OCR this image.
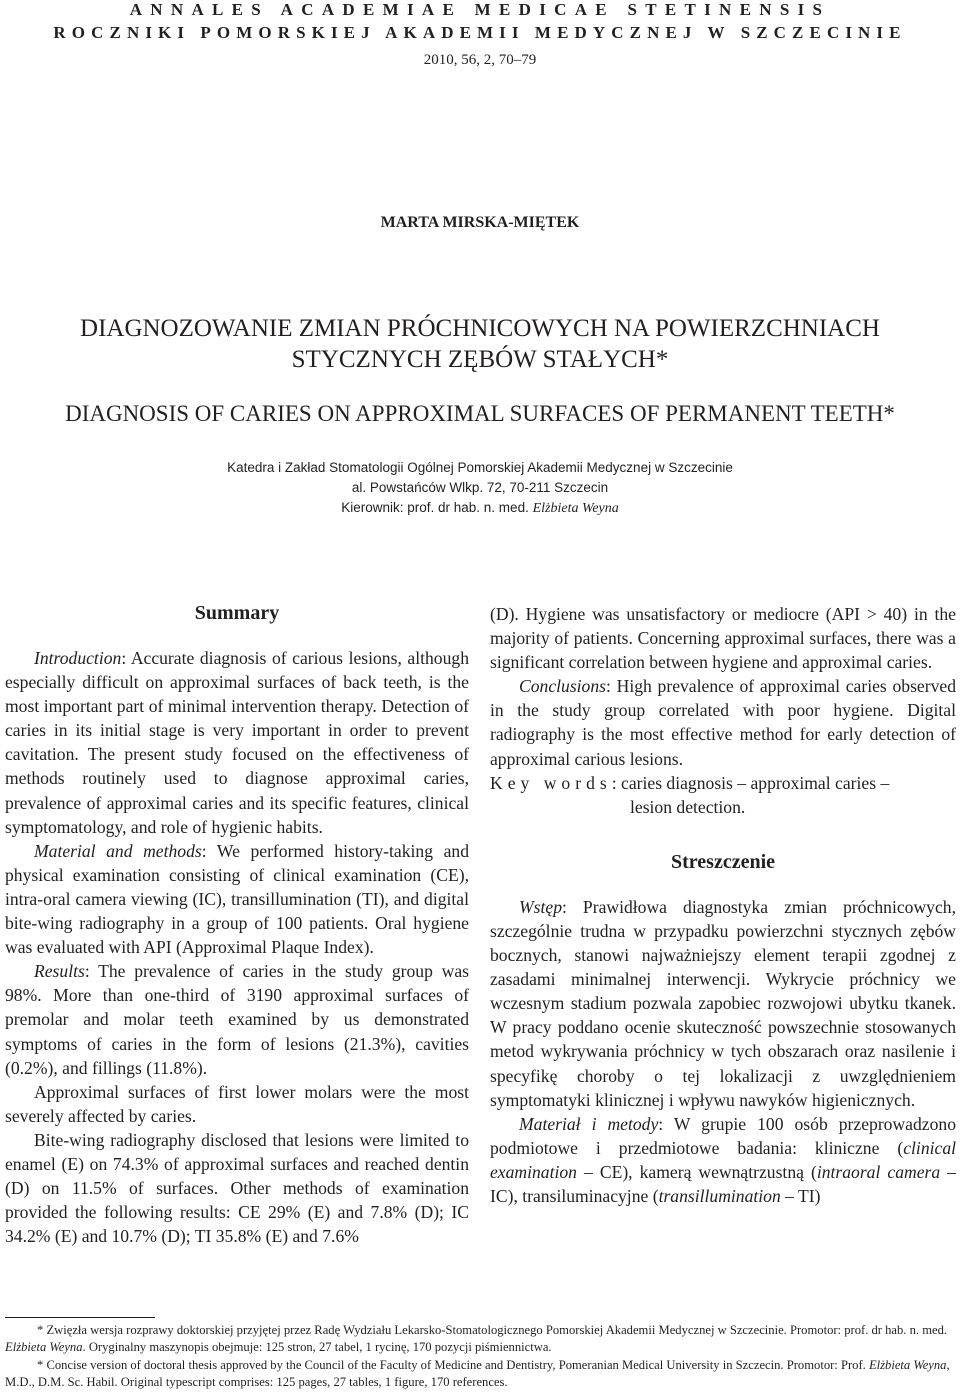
ANNALES ACADEMIAE MEDICAE STETINENSIS
ROCZNIKI POMORSKIEJ AKADEMII MEDYCZNEJ W SZCZECINIE
2010, 56, 2, 70–79
MARTA MIRSKA-MIĘTEK
DIAGNOZOWANIE ZMIAN PRÓCHNICOWYCH NA POWIERZCHNIACH
STYCZNYCH ZĘBÓW STAŁYCH*
DIAGNOSIS OF CARIES ON APPROXIMAL SURFACES OF PERMANENT TEETH*
Katedra i Zakład Stomatologii Ogólnej Pomorskiej Akademii Medycznej w Szczecinie
al. Powstańców Wlkp. 72, 70-211 Szczecin
Kierownik: prof. dr hab. n. med. Elżbieta Weyna
Summary

Introduction: Accurate diagnosis of carious lesions, although especially difficult on approximal surfaces of back teeth, is the most important part of minimal intervention therapy. Detection of caries in its initial stage is very important in order to prevent cavitation. The present study focused on the effectiveness of methods routinely used to diagnose approximal caries, prevalence of approximal caries and its specific features, clinical symptomatology, and role of hygienic habits.

Material and methods: We performed history-taking and physical examination consisting of clinical examination (CE), intra-oral camera viewing (IC), transillumination (TI), and digital bite-wing radiography in a group of 100 patients. Oral hygiene was evaluated with API (Approximal Plaque Index).

Results: The prevalence of caries in the study group was 98%. More than one-third of 3190 approximal surfaces of premolar and molar teeth examined by us demonstrated symptoms of caries in the form of lesions (21.3%), cavities (0.2%), and fillings (11.8%).

Approximal surfaces of first lower molars were the most severely affected by caries.

Bite-wing radiography disclosed that lesions were limited to enamel (E) on 74.3% of approximal surfaces and reached dentin (D) on 11.5% of surfaces. Other methods of examination provided the following results: CE 29% (E) and 7.8% (D); IC 34.2% (E) and 10.7% (D); TI 35.8% (E) and 7.6%

(D). Hygiene was unsatisfactory or mediocre (API > 40) in the majority of patients. Concerning approximal surfaces, there was a significant correlation between hygiene and approximal caries.

Conclusions: High prevalence of approximal caries observed in the study group correlated with poor hygiene. Digital radiography is the most effective method for early detection of approximal carious lesions.

Key words: caries diagnosis – approximal caries –
lesion detection.

Streszczenie

Wstęp: Prawidłowa diagnostyka zmian próchnicowych, szczególnie trudna w przypadku powierzchni stycznych zębów bocznych, stanowi najważniejszy element terapii zgodnej z zasadami minimalnej interwencji. Wykrycie próchnicy we wczesnym stadium pozwala zapobiec rozwojowi ubytku tkanek. W pracy poddano ocenie skuteczność powszechnie stosowanych metod wykrywania próchnicy w tych obszarach oraz nasilenie i specyfikę choroby o tej lokalizacji z uwzględnieniem symptomatyki klinicznej i wpływu nawyków higienicznych.

Materiał i metody: W grupie 100 osób przeprowadzono podmiotowe i przedmiotowe badania: kliniczne (clinical examination – CE), kamerą wewnątrzustną (intraoral camera – IC), transiluminacyjne (transillumination – TI)

* Zwięzła wersja rozprawy doktorskiej przyjętej przez Radę Wydziału Lekarsko-Stomatologicznego Pomorskiej Akademii Medycznej w Szczecinie. Promotor: prof. dr hab. n. med. Elżbieta Weyna. Oryginalny maszynopis obejmuje: 125 stron, 27 tabel, 1 rycinę, 170 pozycji piśmiennictwa.

* Concise version of doctoral thesis approved by the Council of the Faculty of Medicine and Dentistry, Pomeranian Medical University in Szczecin. Promotor: Prof. Elżbieta Weyna, M.D., D.M. Sc. Habil. Original typescript comprises: 125 pages, 27 tables, 1 figure, 170 references.
